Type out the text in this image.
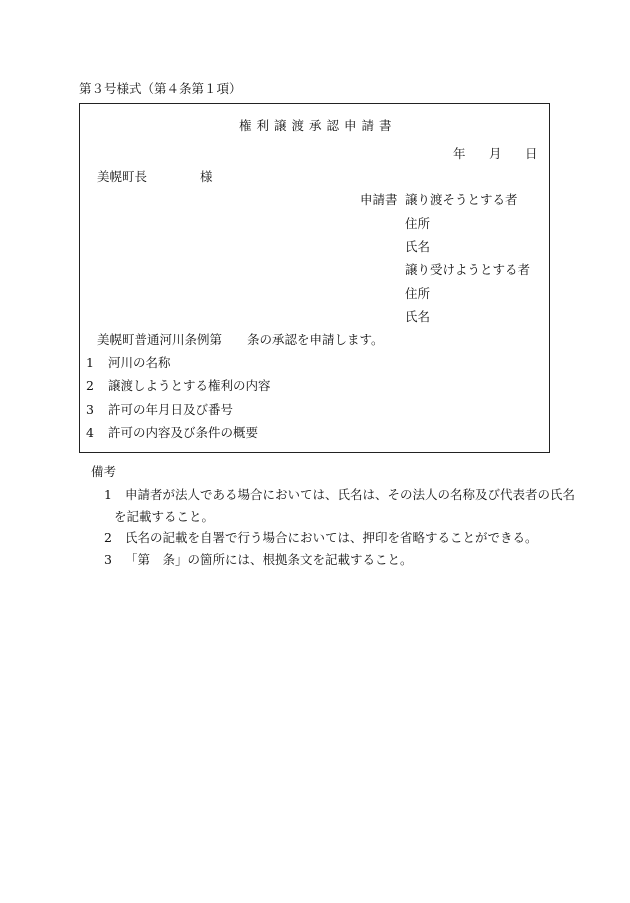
第３号様式（第４条第１項）
権利譲渡承認申請書
年 月 日
美幌町長	様
申請書 譲り渡そうとする者
住所
氏名
譲り受けようとする者
住所
氏名
美幌町普通河川条例第　　条の承認を申請します。
1 河川の名称
2 譲渡しようとする権利の内容
3 許可の年月日及び番号
4 許可の内容及び条件の概要
備考
1 申請者が法人である場合においては、氏名は、その法人の名称及び代表者の氏名
を記載すること。
2 氏名の記載を自署で行う場合においては、押印を省略することができる。
3 「第　条」の箇所には、根拠条文を記載すること。
